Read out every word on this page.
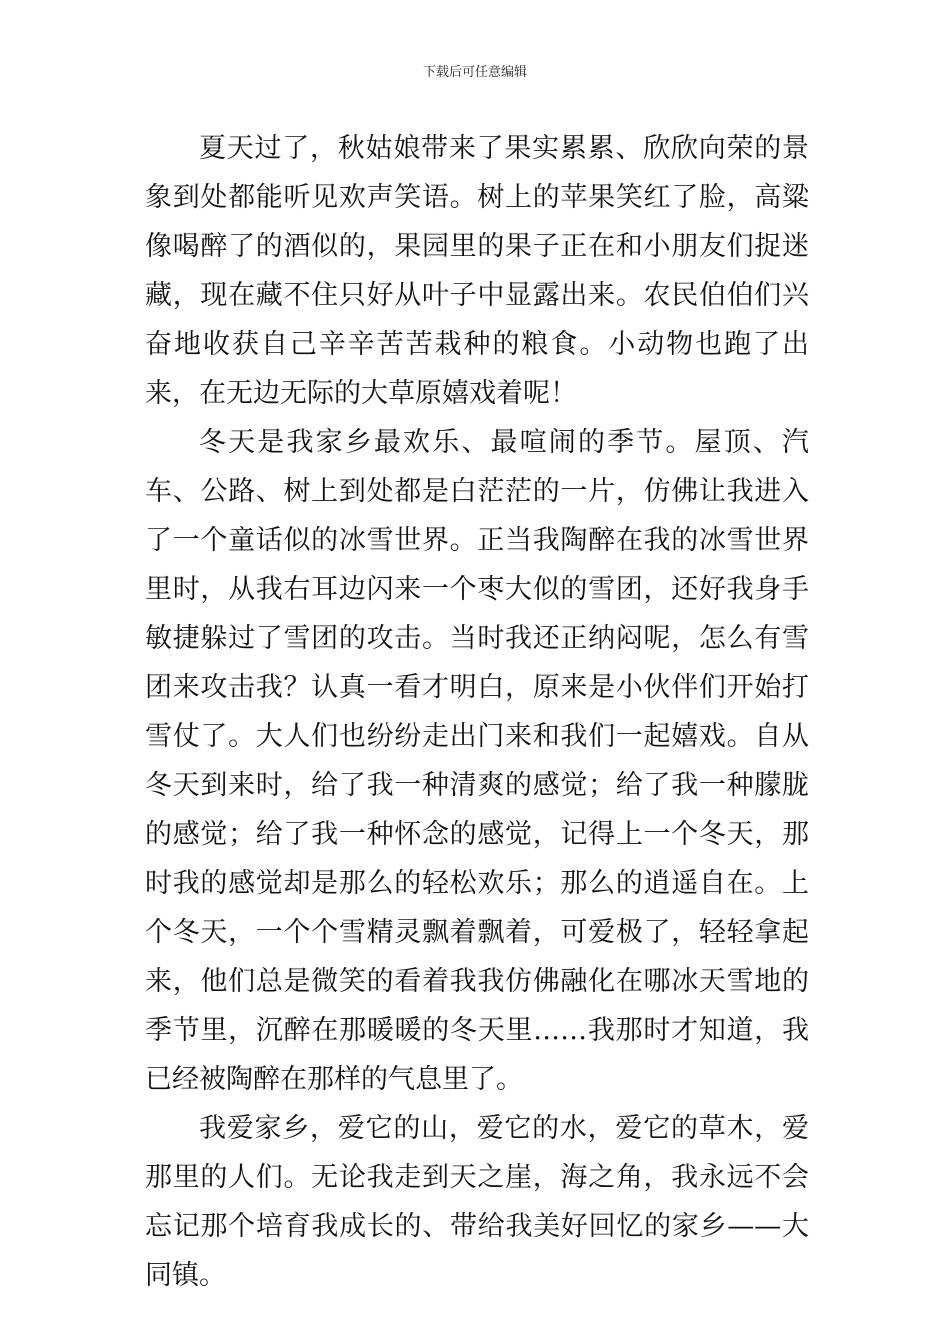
下载后可任意编辑

夏天过了，秋姑娘带来了果实累累、欣欣向荣的景象到处都能听见欢声笑语。树上的苹果笑红了脸，高粱像喝醉了的酒似的，果园里的果子正在和小朋友们捉迷藏，现在藏不住只好从叶子中显露出来。农民伯伯们兴奋地收获自己辛辛苦苦栽种的粮食。小动物也跑了出来，在无边无际的大草原嬉戏着呢！

冬天是我家乡最欢乐、最喧闹的季节。屋顶、汽车、公路、树上到处都是白茫茫的一片，仿佛让我进入了一个童话似的冰雪世界。正当我陶醉在我的冰雪世界里时，从我右耳边闪来一个枣大似的雪团，还好我身手敏捷躲过了雪团的攻击。当时我还正纳闷呢，怎么有雪团来攻击我？认真一看才明白，原来是小伙伴们开始打雪仗了。大人们也纷纷走出门来和我们一起嬉戏。自从冬天到来时，给了我一种清爽的感觉；给了我一种朦胧的感觉；给了我一种怀念的感觉，记得上一个冬天，那时我的感觉却是那么的轻松欢乐；那么的逍遥自在。上个冬天，一个个雪精灵飘着飘着，可爱极了，轻轻拿起来，他们总是微笑的看着我我仿佛融化在哪冰天雪地的季节里，沉醉在那暖暖的冬天里……我那时才知道，我已经被陶醉在那样的气息里了。

我爱家乡，爱它的山，爱它的水，爱它的草木，爱那里的人们。无论我走到天之崖，海之角，我永远不会忘记那个培育我成长的、带给我美好回忆的家乡——大同镇。
